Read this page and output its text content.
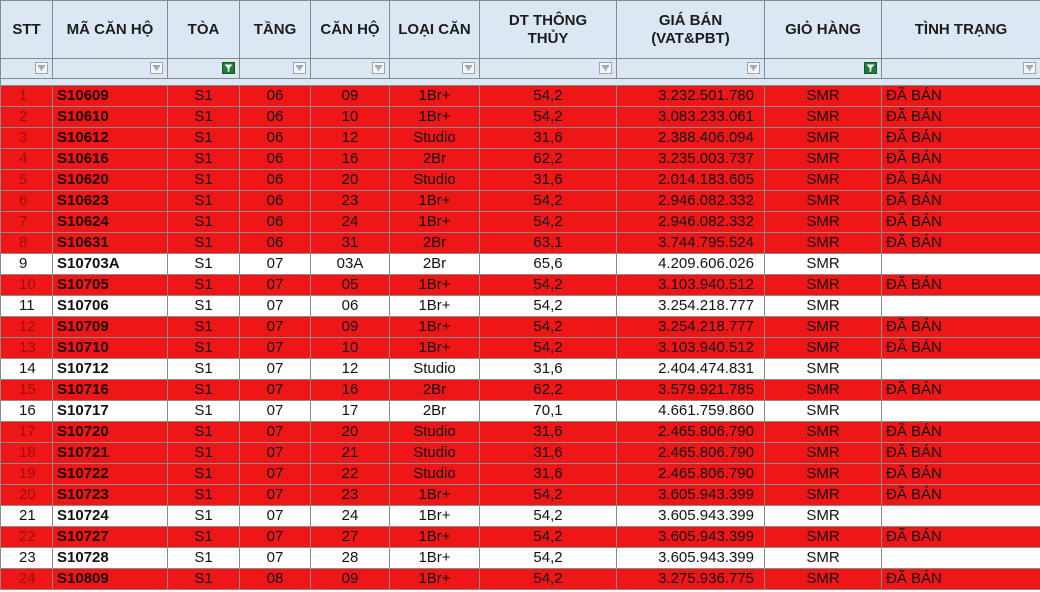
STT	MÃ CĂN HỘ	TÒA	TẦNG	CĂN HỘ	LOẠI CĂN	DT THÔNG THỦY	GIÁ BÁN (VAT&PBT)	GIỎ HÀNG	TÌNH TRẠNG

1	S10609	S1	06	09	1Br+	54,2	3.232.501.780	SMR	ĐÃ BÁN
2	S10610	S1	06	10	1Br+	54,2	3.083.233.061	SMR	ĐÃ BÁN
3	S10612	S1	06	12	Studio	31,6	2.388.406.094	SMR	ĐÃ BÁN
4	S10616	S1	06	16	2Br	62,2	3.235.003.737	SMR	ĐÃ BÁN
5	S10620	S1	06	20	Studio	31,6	2.014.183.605	SMR	ĐÃ BÁN
6	S10623	S1	06	23	1Br+	54,2	2.946.082.332	SMR	ĐÃ BÁN
7	S10624	S1	06	24	1Br+	54,2	2.946.082.332	SMR	ĐÃ BÁN
8	S10631	S1	06	31	2Br	63,1	3.744.795.524	SMR	ĐÃ BÁN
9	S10703A	S1	07	03A	2Br	65,6	4.209.606.026	SMR	
10	S10705	S1	07	05	1Br+	54,2	3.103.940.512	SMR	ĐÃ BÁN
11	S10706	S1	07	06	1Br+	54,2	3.254.218.777	SMR	
12	S10709	S1	07	09	1Br+	54,2	3.254.218.777	SMR	ĐÃ BÁN
13	S10710	S1	07	10	1Br+	54,2	3.103.940.512	SMR	ĐÃ BÁN
14	S10712	S1	07	12	Studio	31,6	2.404.474.831	SMR	
15	S10716	S1	07	16	2Br	62,2	3.579.921.785	SMR	ĐÃ BÁN
16	S10717	S1	07	17	2Br	70,1	4.661.759.860	SMR	
17	S10720	S1	07	20	Studio	31,6	2.465.806.790	SMR	ĐÃ BÁN
18	S10721	S1	07	21	Studio	31,6	2.465.806.790	SMR	ĐÃ BÁN
19	S10722	S1	07	22	Studio	31,6	2.465.806.790	SMR	ĐÃ BÁN
20	S10723	S1	07	23	1Br+	54,2	3.605.943.399	SMR	ĐÃ BÁN
21	S10724	S1	07	24	1Br+	54,2	3.605.943.399	SMR	
22	S10727	S1	07	27	1Br+	54,2	3.605.943.399	SMR	ĐÃ BÁN
23	S10728	S1	07	28	1Br+	54,2	3.605.943.399	SMR	
24	S10809	S1	08	09	1Br+	54,2	3.275.936.775	SMR	ĐÃ BÁN
